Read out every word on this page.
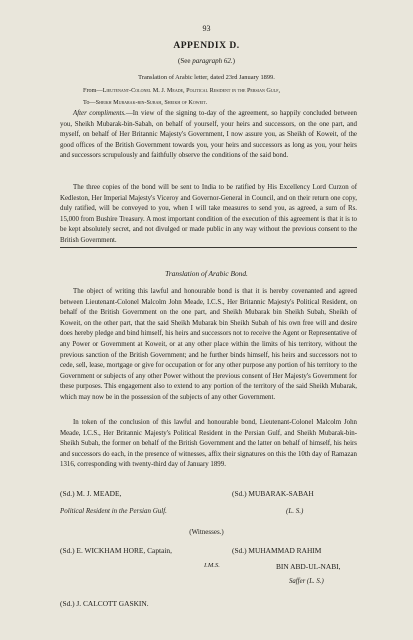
93
APPENDIX D.
(See paragraph 62.)
Translation of Arabic letter, dated 23rd January 1899.
From—Lieutenant-Colonel M. J. Meade, Political Resident in the Persian Gulf,
To—Sheikh Mubarak-bin-Subah, Sheikh of Koweit.
After compliments.—In view of the signing to-day of the agreement, so happily concluded between you, Sheikh Mubarak-bin-Sabah, on behalf of yourself, your heirs and successors, on the one part, and myself, on behalf of Her Britannic Majesty's Government, I now assure you, as Sheikh of Koweit, of the good offices of the British Government towards you, your heirs and successors as long as you, your heirs and successors scrupulously and faithfully observe the conditions of the said bond.
The three copies of the bond will be sent to India to be ratified by His Excellency Lord Curzon of Kedleston, Her Imperial Majesty's Viceroy and Governor-General in Council, and on their return one copy, duly ratified, will be conveyed to you, when I will take measures to send you, as agreed, a sum of Rs. 15,000 from Bushire Treasury. A most important condition of the execution of this agreement is that it is to be kept absolutely secret, and not divulged or made public in any way without the previous consent to the British Government.
Translation of Arabic Bond.
The object of writing this lawful and honourable bond is that it is hereby covenanted and agreed between Lieutenant-Colonel Malcolm John Meade, I.C.S., Her Britannic Majesty's Political Resident, on behalf of the British Government on the one part, and Sheikh Mubarak bin Sheikh Subah, Sheikh of Koweit, on the other part, that the said Sheikh Mubarak bin Sheikh Subah of his own free will and desire does hereby pledge and bind himself, his heirs and successors not to receive the Agent or Representative of any Power or Government at Koweit, or at any other place within the limits of his territory, without the previous sanction of the British Government; and he further binds himself, his heirs and successors not to cede, sell, lease, mortgage or give for occupation or for any other purpose any portion of his territory to the Government or subjects of any other Power without the previous consent of Her Majesty's Government for these purposes. This engagement also to extend to any portion of the territory of the said Sheikh Mubarak, which may now be in the possession of the subjects of any other Government.
In token of the conclusion of this lawful and honourable bond, Lieutenant-Colonel Malcolm John Meade, I.C.S., Her Britannic Majesty's Political Resident in the Persian Gulf, and Sheikh Mubarak-bin-Sheikh Subah, the former on behalf of the British Government and the latter on behalf of himself, his heirs and successors do each, in the presence of witnesses, affix their signatures on this the 10th day of Ramazan 1316, corresponding with twenty-third day of January 1899.
(Sd.) M. J. MEADE,	(Sd.) MUBARAK-SABAH
Political Resident in the Persian Gulf.	(L. S.)
(Witnesses.)
(Sd.) E. WICKHAM HORE, Captain,
I.M.S.
(Sd.) MUHAMMAD RAHIM
BIN ABD-UL-NABI,
Saffer (L. S.)
(Sd.) J. CALCOTT GASKIN.
